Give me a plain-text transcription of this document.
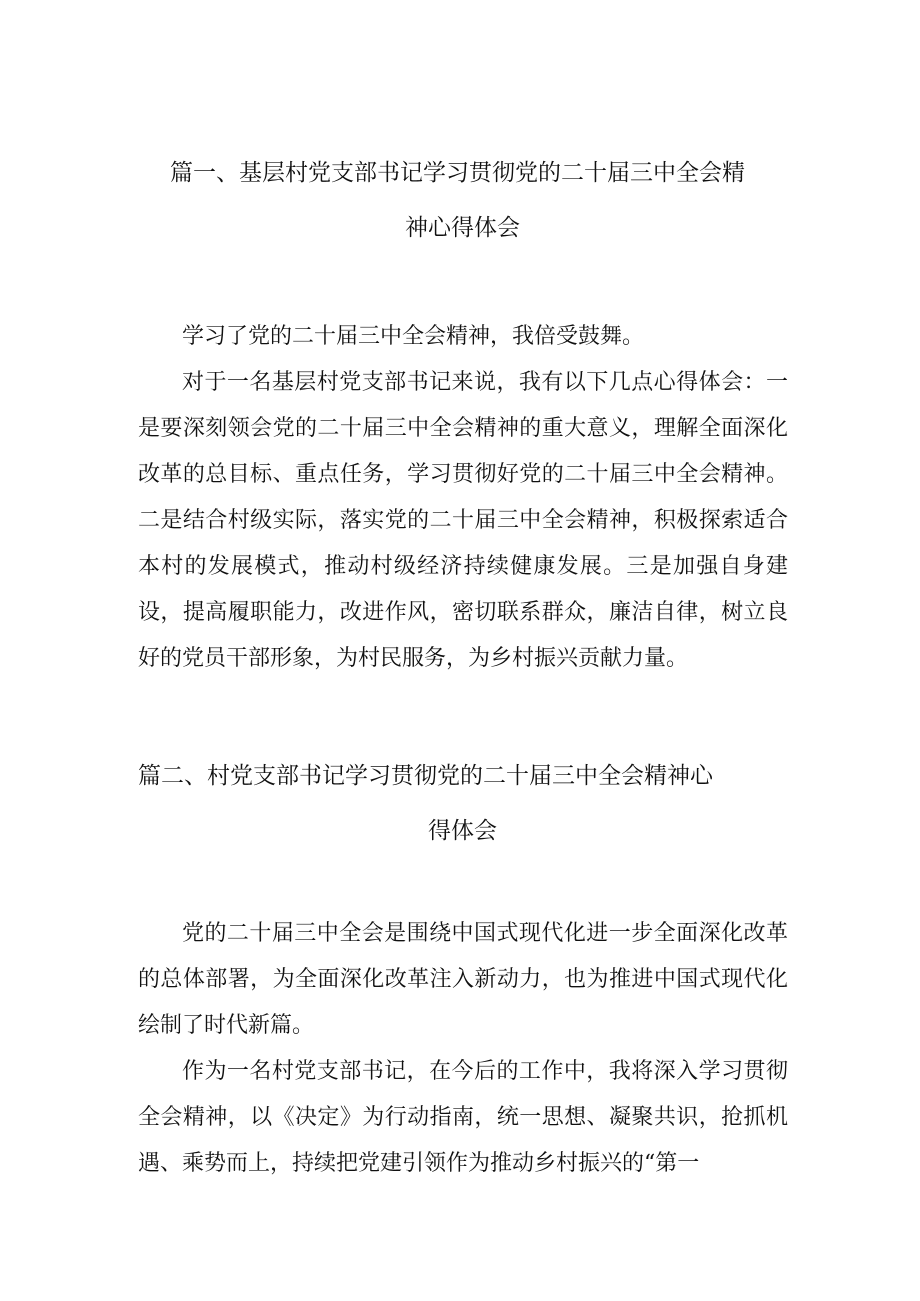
篇一、基层村党支部书记学习贯彻党的二十届三中全会精
神心得体会

学习了党的二十届三中全会精神，我倍受鼓舞。

对于一名基层村党支部书记来说，我有以下几点心得体会：一是要深刻领会党的二十届三中全会精神的重大意义，理解全面深化改革的总目标、重点任务，学习贯彻好党的二十届三中全会精神。二是结合村级实际，落实党的二十届三中全会精神，积极探索适合本村的发展模式，推动村级经济持续健康发展。三是加强自身建设，提高履职能力，改进作风，密切联系群众，廉洁自律，树立良好的党员干部形象，为村民服务，为乡村振兴贡献力量。

篇二、村党支部书记学习贯彻党的二十届三中全会精神心
得体会

党的二十届三中全会是围绕中国式现代化进一步全面深化改革的总体部署，为全面深化改革注入新动力，也为推进中国式现代化绘制了时代新篇。

作为一名村党支部书记，在今后的工作中，我将深入学习贯彻全会精神，以《决定》为行动指南，统一思想、凝聚共识，抢抓机遇、乘势而上，持续把党建引领作为推动乡村振兴的“第一
